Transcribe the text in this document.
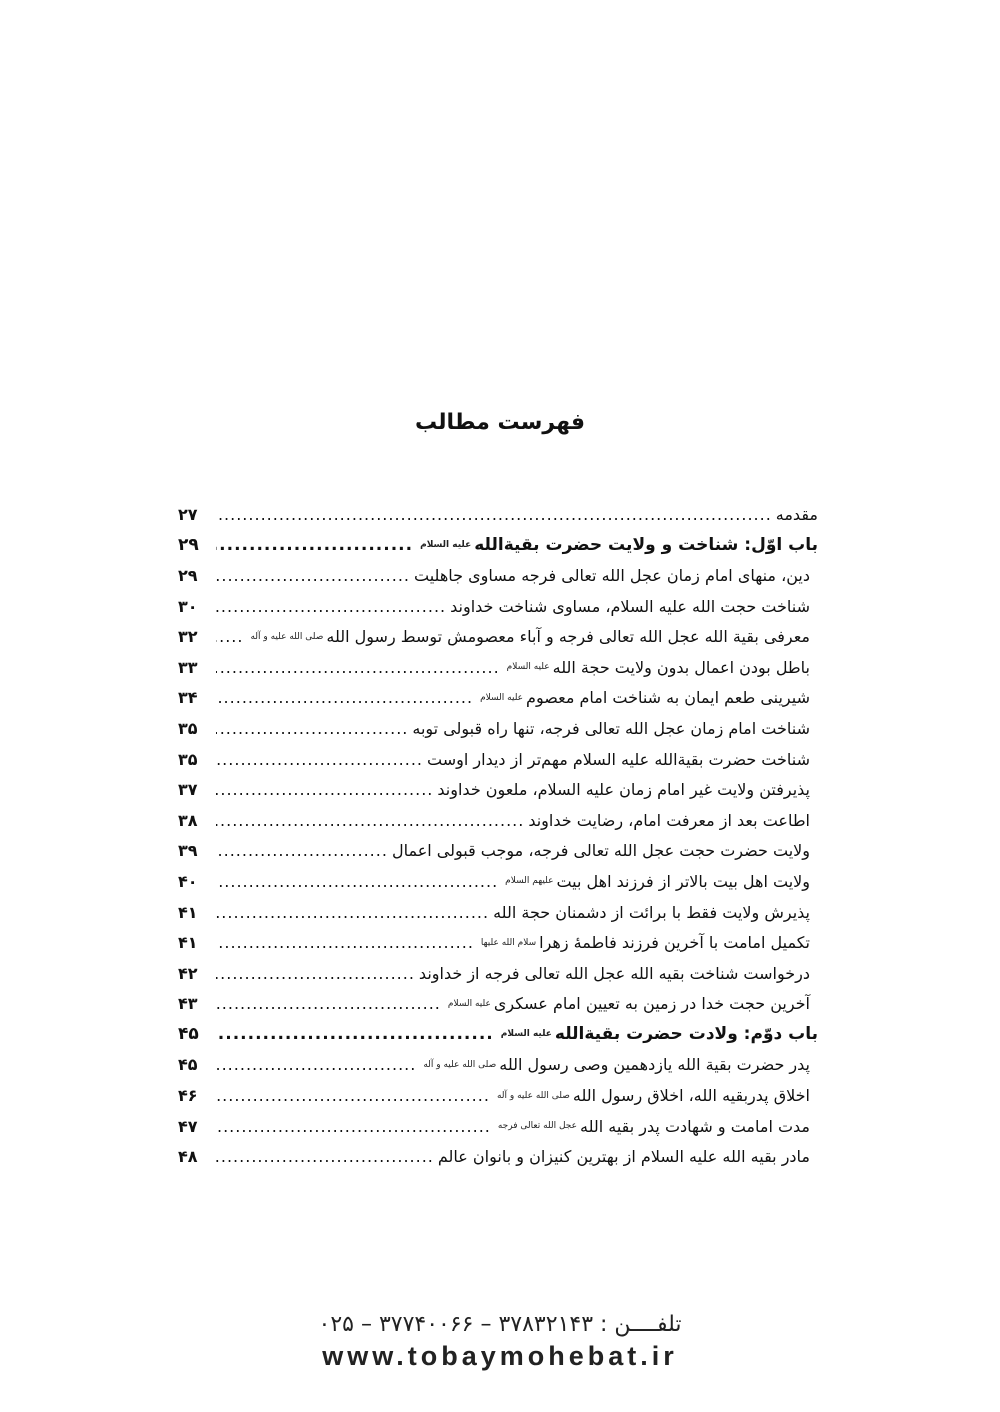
فهرست مطالب
مقدمه
.....
۲۷
باب اوّل: شناخت و ولایت حضرت بقیةالله
عليه السلام
.....
۲۹
دین، منهای امام زمان عجل الله تعالی فرجه مساوی جاهلیت
.....
۲۹
شناخت حجت الله علیه السلام، مساوی شناخت خداوند
.....
۳۰
معرفی بقیة الله عجل الله تعالی فرجه و آباء معصومش توسط رسول الله
صلی الله علیه و آله
.....
۳۲
باطل بودن اعمال بدون ولایت حجة الله
علیه السلام
.....
۳۳
شیرینی طعم ایمان به شناخت امام معصوم
علیه السلام
.....
۳۴
شناخت امام زمان عجل الله تعالی فرجه، تنها راه قبولی توبه
.....
۳۵
شناخت حضرت بقیةالله علیه السلام مهم‌تر از دیدار اوست
.....
۳۵
پذیرفتن ولایت غیر امام زمان علیه السلام، ملعون خداوند
.....
۳۷
اطاعت بعد از معرفت امام، رضایت خداوند
.....
۳۸
ولایت حضرت حجت عجل الله تعالی فرجه، موجب قبولی اعمال
.....
۳۹
ولایت اهل بیت بالاتر از فرزند اهل بیت
علیهم السلام
.....
۴۰
پذیرش ولایت فقط با برائت از دشمنان حجة الله
.....
۴۱
تکمیل امامت با آخرین فرزند فاطمهٔ زهرا
سلام الله علیها
.....
۴۱
درخواست شناخت بقیه الله عجل الله تعالی فرجه از خداوند
.....
۴۲
آخرین حجت خدا در زمین به تعیین امام عسکری
علیه السلام
.....
۴۳
باب دوّم: ولادت حضرت بقیةالله
علیه السلام
.....
۴۵
پدر حضرت بقیة الله یازدهمین وصی رسول الله
صلی الله علیه و آله
.....
۴۵
اخلاق پدربقیه الله، اخلاق رسول الله
صلی الله علیه و آله
.....
۴۶
مدت امامت و شهادت پدر بقیه الله
عجل الله تعالی فرجه
.....
۴۷
مادر بقیه الله علیه السلام از بهترین کنیزان و بانوان عالم
.....
۴۸
تلفــــن : ۳۷۸۳۲۱۴۳ – ۳۷۷۴۰۰۶۶ – ۰۲۵
www.tobaymohebat.ir
